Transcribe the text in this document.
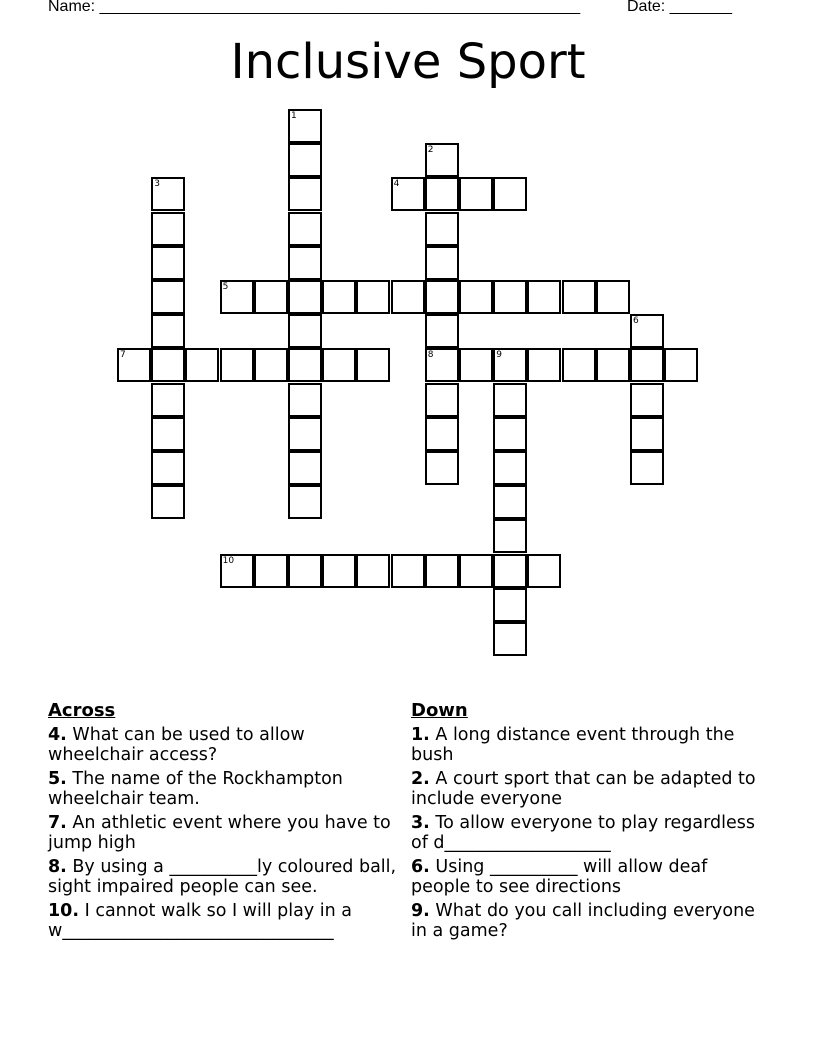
Name: ______________________________________________________	Date: _______
Inclusive Sport
1
2
8
3	4
5
6
7	9
10
Across
4. What can be used to allow wheelchair access?
5. The name of the Rockhampton wheelchair team.
7. An athletic event where you have to jump high
8. By using a __________ly coloured ball, sight impaired people can see.
10. I cannot walk so I will play in a w_______________________________
Down
1. A long distance event through the bush
2. A court sport that can be adapted to include everyone
3. To allow everyone to play regardless of d___________________
6. Using __________ will allow deaf people to see directions
9. What do you call including everyone in a game?
